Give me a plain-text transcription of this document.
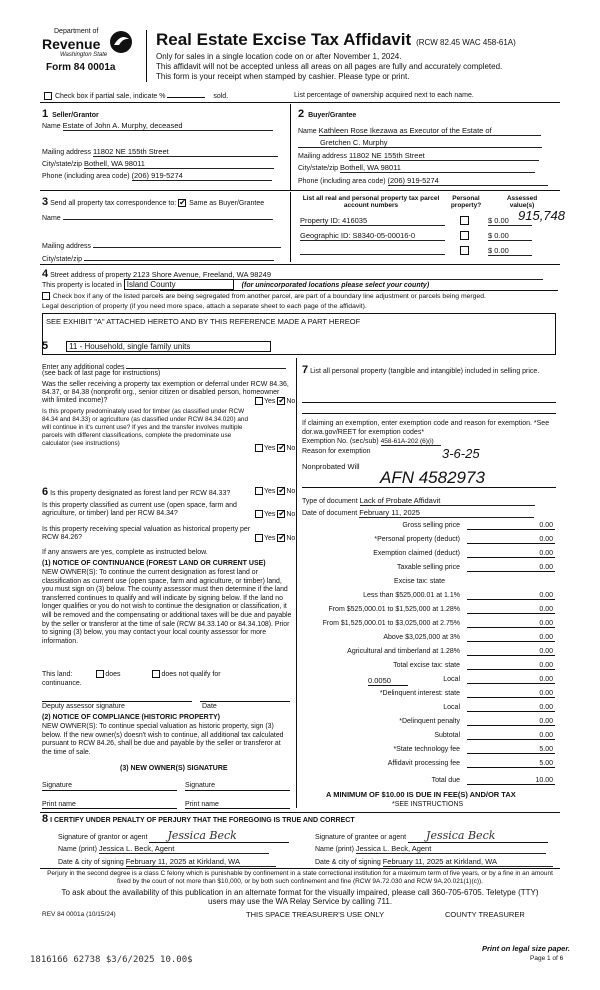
Department of
Revenue
Washington State
Form 84 0001a
Real Estate Excise Tax Affidavit (RCW 82.45 WAC 458-61A)
Only for sales in a single location code on or after November 1, 2024.
This affidavit will not be accepted unless all areas on all pages are fully and accurately completed.
This form is your receipt when stamped by cashier. Please type or print.
Check box if partial sale, indicate %	sold.	List percentage of ownership acquired next to each name.
1 Seller/Grantor
Name Estate of John A. Murphy, deceased
Mailing address 11802 NE 155th Street
City/state/zip Bothell, WA 98011
Phone (including area code) (206) 919-5274
2 Buyer/Grantee
Name Kathleen Rose Ikezawa as Executor of the Estate of
Gretchen C. Murphy
Mailing address 11802 NE 155th Street
City/state/zip Bothell, WA 98011
Phone (including area code) (206) 919-5274
3 Send all property tax correspondence to: ✔ Same as Buyer/Grantee
Name
Mailing address
City/state/zip
List all real and personal property tax parcel account numbers
Personal property?
Assessed value(s)
Property ID: 416035	$ 0.00 915,748
Geographic ID: S8340-05-00016-0	$ 0.00
$ 0.00
4 Street address of property 2123 Shore Avenue, Freeland, WA 98249
This property is located in Island County	(for unincorporated locations please select your county)
Check box if any of the listed parcels are being segregated from another parcel, are part of a boundary line adjustment or parcels being merged.
Legal description of property (if you need more space, attach a separate sheet to each page of the affidavit).
SEE EXHIBIT "A" ATTACHED HERETO AND BY THIS REFERENCE MADE A PART HEREOF
5	11 - Household, single family units
Enter any additional codes
(see back of last page for instructions)
Was the seller receiving a property tax exemption or deferral under RCW 84.36, 84.37, or 84.38 (nonprofit org., senior citizen or disabled person, homeowner with limited income)?	Yes ✔ No
Is this property predominately used for timber (as classified under RCW 84.34 and 84.33) or agriculture (as classified under RCW 84.34.020) and will continue in it's current use? If yes and the transfer involves multiple parcels with different classifications, complete the predominate use calculator (see instructions)
Yes ✔ No
6 Is this property designated as forest land per RCW 84.33?	Yes ✔ No
Is this property classified as current use (open space, farm and agriculture, or timber) land per RCW 84.34?	Yes ✔ No
Is this property receiving special valuation as historical property per RCW 84.26?	Yes ✔ No
If any answers are yes, complete as instructed below.
(1) NOTICE OF CONTINUANCE (FOREST LAND OR CURRENT USE)
NEW OWNER(S): To continue the current designation as forest land or classification as current use (open space, farm and agriculture, or timber) land, you must sign on (3) below. The county assessor must then determine if the land transferred continues to qualify and will indicate by signing below. If the land no longer qualifies or you do not wish to continue the designation or classification, it will be removed and the compensating or additional taxes will be due and payable by the seller or transferor at the time of sale (RCW 84.33.140 or 84.34.108). Prior to signing (3) below, you may contact your local county assessor for more information.
This land:	does	does not qualify for
continuance.
Deputy assessor signature	Date
(2) NOTICE OF COMPLIANCE (HISTORIC PROPERTY)
NEW OWNER(S): To continue special valuation as historic property, sign (3) below. If the new owner(s) doesn't wish to continue, all additional tax calculated pursuant to RCW 84.26, shall be due and payable by the seller or transferor at the time of sale.
(3) NEW OWNER(S) SIGNATURE
Signature	Signature
Print name	Print name
7 List all personal property (tangible and intangible) included in selling price.
If claiming an exemption, enter exemption code and reason for exemption. *See dor.wa.gov/REET for exemption codes*
Exemption No. (sec/sub) 458-61A-202 (6)(i)
Reason for exemption	3-6-25
Nonprobated Will
AFN 4582973
Type of document Lack of Probate Affidavit
Date of document February 11, 2025
Gross selling price	0.00
*Personal property (deduct)	0.00
Exemption claimed (deduct)	0.00
Taxable selling price	0.00
Excise tax: state
Less than $525,000.01 at 1.1%	0.00
From $525,000.01 to $1,525,000 at 1.28%	0.00
From $1,525,000.01 to $3,025,000 at 2.75%	0.00
Above $3,025,000 at 3%	0.00
Agricultural and timberland at 1.28%	0.00
Total excise tax: state	0.00
0.0050	Local	0.00
*Delinquent interest: state	0.00
Local	0.00
*Delinquent penalty	0.00
Subtotal	0.00
*State technology fee	5.00
Affidavit processing fee	5.00
Total due	10.00
A MINIMUM OF $10.00 IS DUE IN FEE(S) AND/OR TAX
*SEE INSTRUCTIONS
8 I CERTIFY UNDER PENALTY OF PERJURY THAT THE FOREGOING IS TRUE AND CORRECT
Signature of grantor or agent Jessica Beck	Signature of grantee or agent Jessica Beck
Name (print) Jessica L. Beck, Agent	Name (print) Jessica L. Beck, Agent
Date & city of signing February 11, 2025 at Kirkland, WA	Date & city of signing February 11, 2025 at Kirkland, WA
Perjury in the second degree is a class C felony which is punishable by confinement in a state correctional institution for a maximum term of five years, or by a fine in an amount fixed by the court of not more than $10,000, or by both such confinement and fine (RCW 9A.72.030 and RCW 9A.20.021(1)(c)).
To ask about the availability of this publication in an alternate format for the visually impaired, please call 360-705-6705. Teletype (TTY) users may use the WA Relay Service by calling 711.
REV 84 0001a (10/15/24)	THIS SPACE TREASURER'S USE ONLY	COUNTY TREASURER
Print on legal size paper.
Page 1 of 6
1816166 62738 $3/6/2025 10.00$
